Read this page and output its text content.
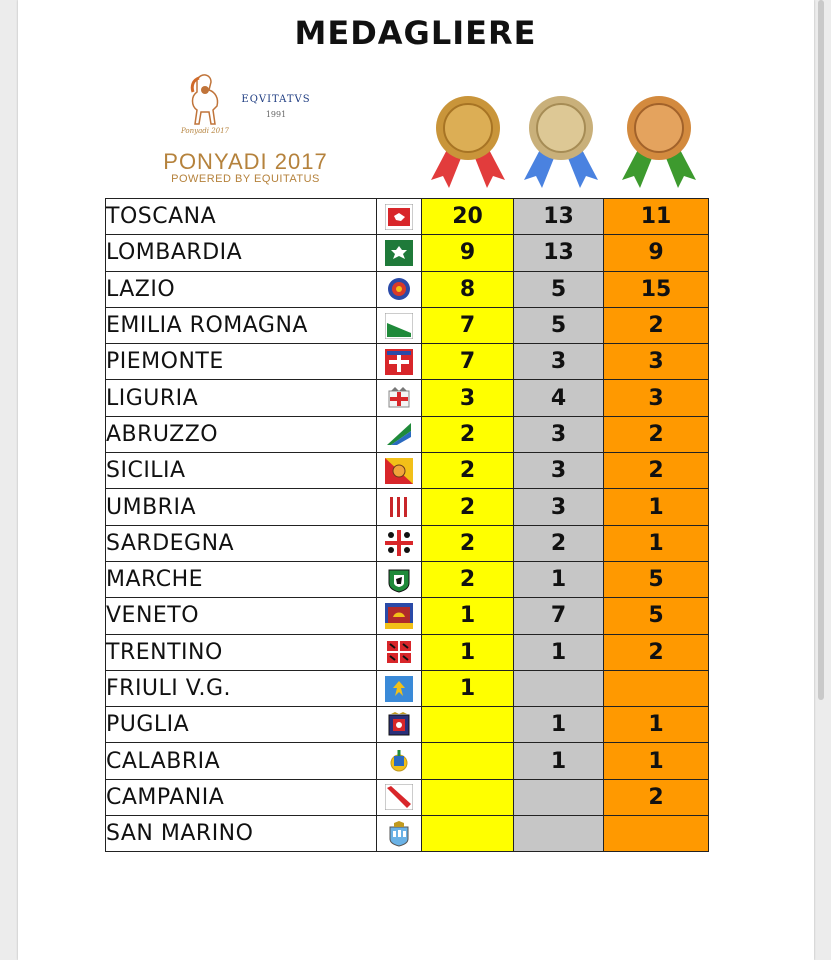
MEDAGLIERE
Ponyadi 2017
EQVITATVS
1991
PONYADI 2017
POWERED BY EQUITATUS
TOSCANA		20	13	11
LOMBARDIA		9	13	9
LAZIO		8	5	15
EMILIA ROMAGNA		7	5	2
PIEMONTE		7	3	3
LIGURIA		3	4	3
ABRUZZO		2	3	2
SICILIA		2	3	2
UMBRIA		2	3	1
SARDEGNA		2	2	1
MARCHE		2	1	5
VENETO		1	7	5
TRENTINO		1	1	2
FRIULI V.G.		1		
PUGLIA			1	1
CALABRIA			1	1
CAMPANIA				2
SAN MARINO				
